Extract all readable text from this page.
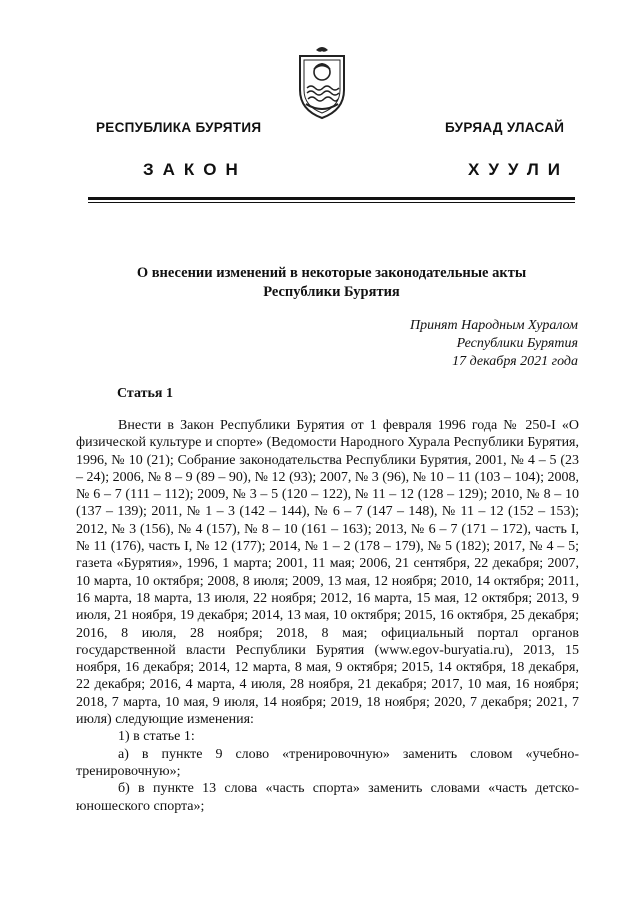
РЕСПУБЛИКА БУРЯТИЯ	БУРЯАД УЛАСАЙ
ЗАКОН	ХУУЛИ
О внесении изменений в некоторые законодательные акты
Республики Бурятия
Принят Народным Хуралом
Республики Бурятия
17 декабря 2021 года
Статья 1

Внести в Закон Республики Бурятия от 1 февраля 1996 года № 250-I «О физической культуре и спорте» (Ведомости Народного Хурала Республики Бурятия, 1996, № 10 (21); Собрание законодательства Республики Бурятия, 2001, № 4 – 5 (23 – 24); 2006, № 8 – 9 (89 – 90), № 12 (93); 2007, № 3 (96), № 10 – 11 (103 – 104); 2008, № 6 – 7 (111 – 112); 2009, № 3 – 5 (120 – 122), № 11 – 12 (128 – 129); 2010, № 8 – 10 (137 – 139); 2011, № 1 – 3 (142 – 144), № 6 – 7 (147 – 148), № 11 – 12 (152 – 153); 2012, № 3 (156), № 4 (157), № 8 – 10 (161 – 163); 2013, № 6 – 7 (171 – 172), часть I, № 11 (176), часть I, № 12 (177); 2014, № 1 – 2 (178 – 179), № 5 (182); 2017, № 4 – 5; газета «Бурятия», 1996, 1 марта; 2001, 11 мая; 2006, 21 сентября, 22 декабря; 2007, 10 марта, 10 октября; 2008, 8 июля; 2009, 13 мая, 12 ноября; 2010, 14 октября; 2011, 16 марта, 18 марта, 13 июля, 22 ноября; 2012, 16 марта, 15 мая, 12 октября; 2013, 9 июля, 21 ноября, 19 декабря; 2014, 13 мая, 10 октября; 2015, 16 октября, 25 декабря; 2016, 8 июля, 28 ноября; 2018, 8 мая; официальный портал органов государственной власти Республики Бурятия (www.egov-buryatia.ru), 2013, 15 ноября, 16 декабря; 2014, 12 марта, 8 мая, 9 октября; 2015, 14 октября, 18 декабря, 22 декабря; 2016, 4 марта, 4 июля, 28 ноября, 21 декабря; 2017, 10 мая, 16 ноября; 2018, 7 марта, 10 мая, 9 июля, 14 ноября; 2019, 18 ноября; 2020, 7 декабря; 2021, 7 июля) следующие изменения:

1) в статье 1:

а) в пункте 9 слово «тренировочную» заменить словом «учебно-тренировочную»;

б) в пункте 13 слова «часть спорта» заменить словами «часть детско-юношеского спорта»;
